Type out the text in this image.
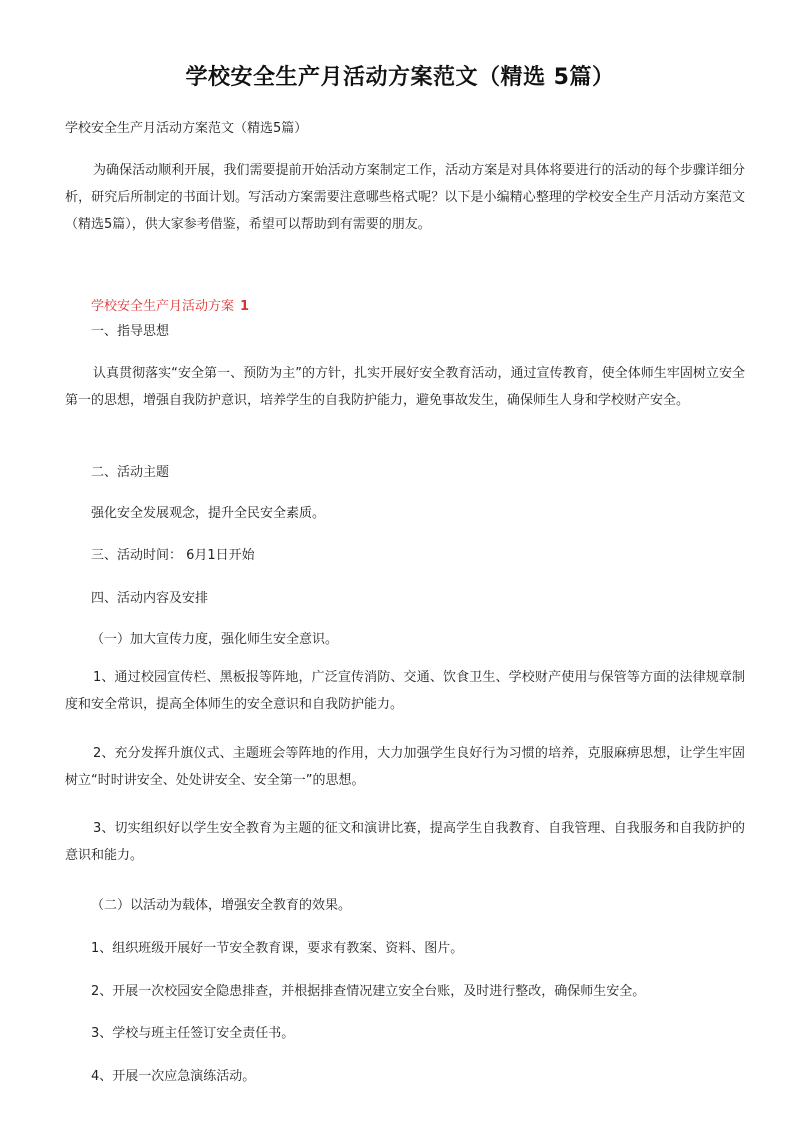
学校安全生产月活动方案范文（精选 5篇）

学校安全生产月活动方案范文（精选5篇）

为确保活动顺利开展，我们需要提前开始活动方案制定工作，活动方案是对具体将要进行的活动的每个步骤详细分析，研究后所制定的书面计划。写活动方案需要注意哪些格式呢？以下是小编精心整理的学校安全生产月活动方案范文（精选5篇），供大家参考借鉴，希望可以帮助到有需要的朋友。

学校安全生产月活动方案 1

一、指导思想

认真贯彻落实“安全第一、预防为主”的方针，扎实开展好安全教育活动，通过宣传教育，使全体师生牢固树立安全第一的思想，增强自我防护意识，培养学生的自我防护能力，避免事故发生，确保师生人身和学校财产安全。

二、活动主题

强化安全发展观念，提升全民安全素质。

三、活动时间： 6月1日开始

四、活动内容及安排

（一）加大宣传力度，强化师生安全意识。

1、通过校园宣传栏、黑板报等阵地，广泛宣传消防、交通、饮食卫生、学校财产使用与保管等方面的法律规章制度和安全常识，提高全体师生的安全意识和自我防护能力。

2、充分发挥升旗仪式、主题班会等阵地的作用，大力加强学生良好行为习惯的培养，克服麻痹思想，让学生牢固树立“时时讲安全、处处讲安全、安全第一”的思想。

3、切实组织好以学生安全教育为主题的征文和演讲比赛，提高学生自我教育、自我管理、自我服务和自我防护的意识和能力。

（二）以活动为载体，增强安全教育的效果。

1、组织班级开展好一节安全教育课，要求有教案、资料、图片。

2、开展一次校园安全隐患排查，并根据排查情况建立安全台账，及时进行整改，确保师生安全。

3、学校与班主任签订安全责任书。

4、开展一次应急演练活动。
